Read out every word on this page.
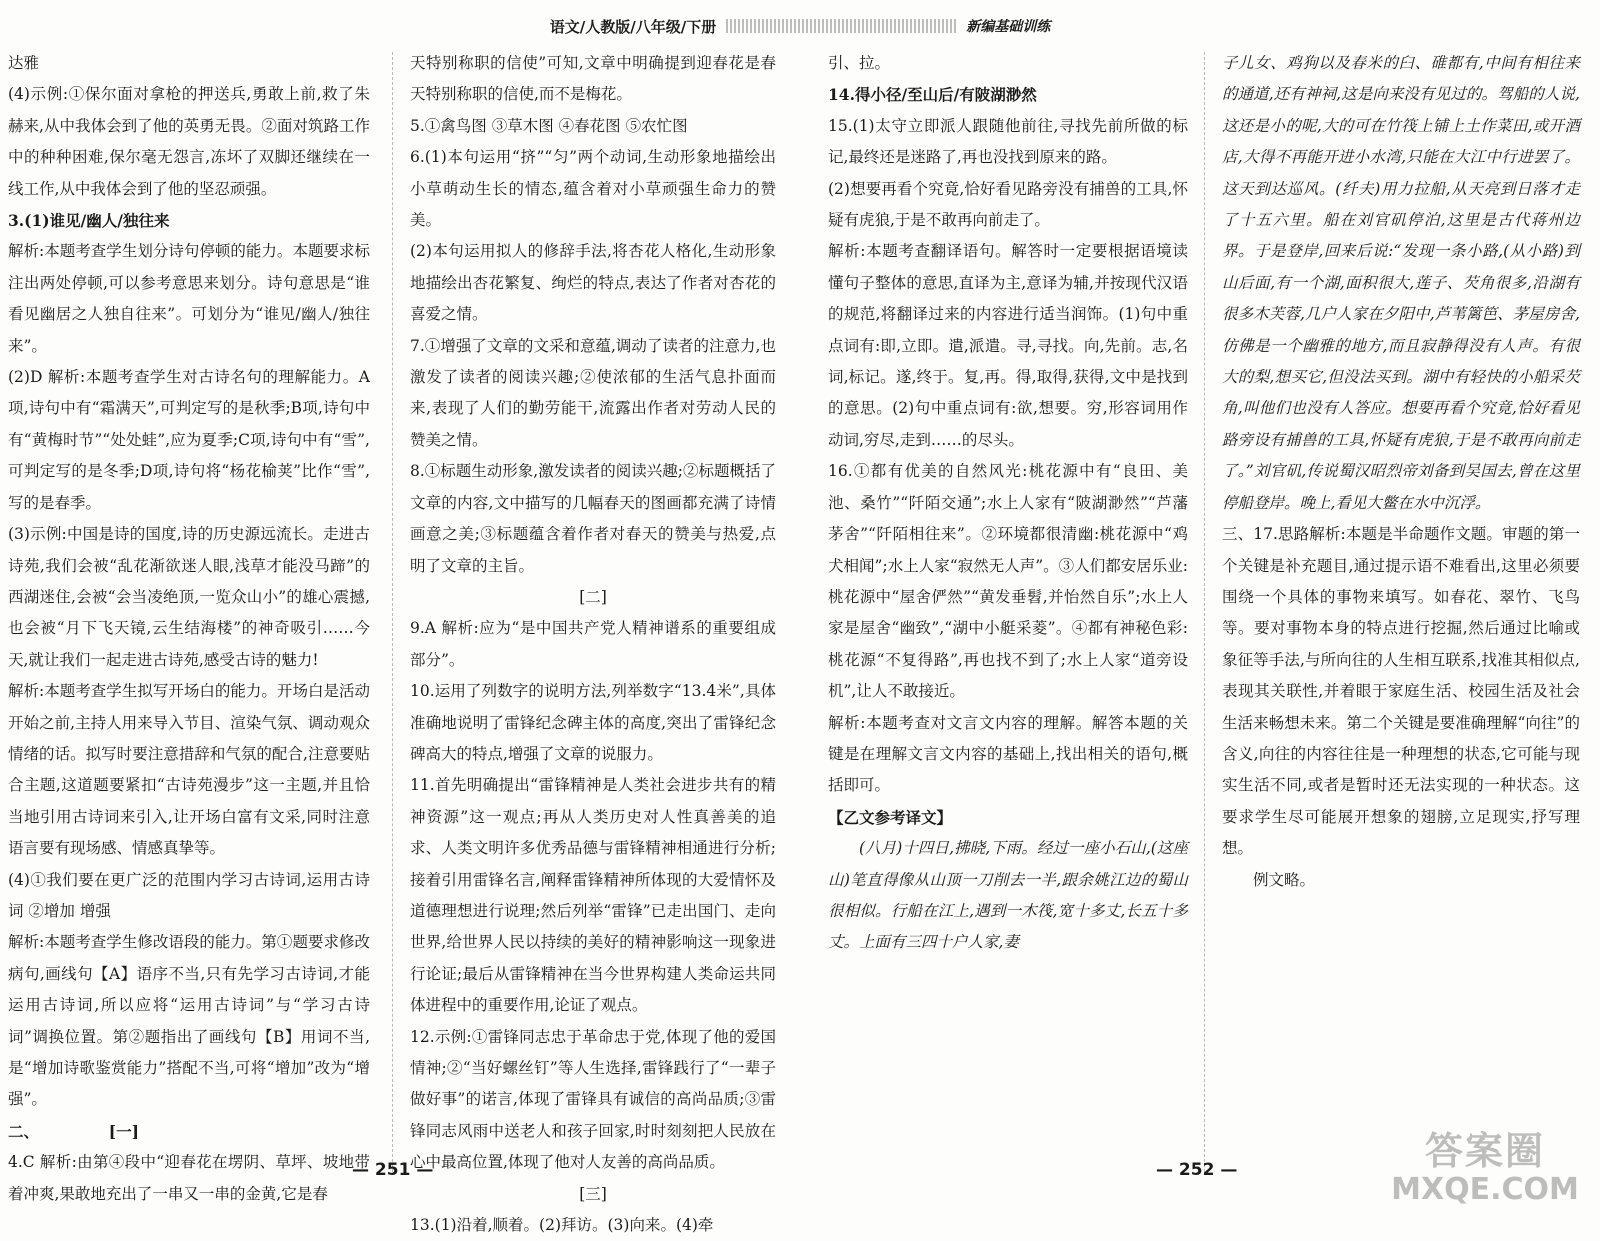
语文/人教版/八年级/下册	新编基础训练

达雅

(4)示例:①保尔面对拿枪的押送兵,勇敢上前,救了朱赫来,从中我体会到了他的英勇无畏。②面对筑路工作中的种种困难,保尔毫无怨言,冻坏了双脚还继续在一线工作,从中我体会到了他的坚忍顽强。

3.(1)谁见/幽人/独往来

解析:本题考查学生划分诗句停顿的能力。本题要求标注出两处停顿,可以参考意思来划分。诗句意思是“谁看见幽居之人独自往来”。可划分为“谁见/幽人/独往来”。

(2)D 解析:本题考查学生对古诗名句的理解能力。A项,诗句中有“霜满天”,可判定写的是秋季;B项,诗句中有“黄梅时节”“处处蛙”,应为夏季;C项,诗句中有“雪”,可判定写的是冬季;D项,诗句将“杨花榆荚”比作“雪”,写的是春季。

(3)示例:中国是诗的国度,诗的历史源远流长。走进古诗苑,我们会被“乱花渐欲迷人眼,浅草才能没马蹄”的西湖迷住,会被“会当凌绝顶,一览众山小”的雄心震撼,也会被“月下飞天镜,云生结海楼”的神奇吸引……今天,就让我们一起走进古诗苑,感受古诗的魅力!

解析:本题考查学生拟写开场白的能力。开场白是活动开始之前,主持人用来导入节目、渲染气氛、调动观众情绪的话。拟写时要注意措辞和气氛的配合,注意要贴合主题,这道题要紧扣“古诗苑漫步”这一主题,并且恰当地引用古诗词来引入,让开场白富有文采,同时注意语言要有现场感、情感真挚等。

(4)①我们要在更广泛的范围内学习古诗词,运用古诗词 ②增加 增强

解析:本题考查学生修改语段的能力。第①题要求修改病句,画线句【A】语序不当,只有先学习古诗词,才能运用古诗词,所以应将“运用古诗词”与“学习古诗词”调换位置。第②题指出了画线句【B】用词不当,是“增加诗歌鉴赏能力”搭配不当,可将“增加”改为“增强”。

二、　　　　　[一]

4.C 解析:由第④段中“迎春花在塄阴、草坪、坡地带着冲爽,果敢地充出了一串又一串的金黄,它是春

天特别称职的信使”可知,文章中明确提到迎春花是春天特别称职的信使,而不是梅花。

5.①禽鸟图 ③草木图 ④春花图 ⑤农忙图

6.(1)本句运用“挤”“匀”两个动词,生动形象地描绘出小草萌动生长的情态,蕴含着对小草顽强生命力的赞美。

(2)本句运用拟人的修辞手法,将杏花人格化,生动形象地描绘出杏花繁复、绚烂的特点,表达了作者对杏花的喜爱之情。

7.①增强了文章的文采和意蕴,调动了读者的注意力,也激发了读者的阅读兴趣;②使浓郁的生活气息扑面而来,表现了人们的勤劳能干,流露出作者对劳动人民的赞美之情。

8.①标题生动形象,激发读者的阅读兴趣;②标题概括了文章的内容,文中描写的几幅春天的图画都充满了诗情画意之美;③标题蕴含着作者对春天的赞美与热爱,点明了文章的主旨。

[二]

9.A 解析:应为“是中国共产党人精神谱系的重要组成部分”。

10.运用了列数字的说明方法,列举数字“13.4米”,具体准确地说明了雷锋纪念碑主体的高度,突出了雷锋纪念碑高大的特点,增强了文章的说服力。

11.首先明确提出“雷锋精神是人类社会进步共有的精神资源”这一观点;再从人类历史对人性真善美的追求、人类文明许多优秀品德与雷锋精神相通进行分析;接着引用雷锋名言,阐释雷锋精神所体现的大爱情怀及道德理想进行说理;然后列举“雷锋”已走出国门、走向世界,给世界人民以持续的美好的精神影响这一现象进行论证;最后从雷锋精神在当今世界构建人类命运共同体进程中的重要作用,论证了观点。

12.示例:①雷锋同志忠于革命忠于党,体现了他的爱国情神;②“当好螺丝钉”等人生选择,雷锋践行了“一辈子做好事”的诺言,体现了雷锋具有诚信的高尚品质;③雷锋同志风雨中送老人和孩子回家,时时刻刻把人民放在心中最高位置,体现了他对人友善的高尚品质。

[三]

13.(1)沿着,顺着。(2)拜访。(3)向来。(4)牵

引、拉。

14.得小径/至山后/有陂湖渺然

15.(1)太守立即派人跟随他前往,寻找先前所做的标记,最终还是迷路了,再也没找到原来的路。

(2)想要再看个究竟,恰好看见路旁没有捕兽的工具,怀疑有虎狼,于是不敢再向前走了。

解析:本题考查翻译语句。解答时一定要根据语境读懂句子整体的意思,直译为主,意译为辅,并按现代汉语的规范,将翻译过来的内容进行适当润饰。(1)句中重点词有:即,立即。遣,派遣。寻,寻找。向,先前。志,名词,标记。遂,终于。复,再。得,取得,获得,文中是找到的意思。(2)句中重点词有:欲,想要。穷,形容词用作动词,穷尽,走到……的尽头。

16.①都有优美的自然风光:桃花源中有“良田、美池、桑竹”“阡陌交通”;水上人家有“陂湖渺然”“芦藩茅舍”“阡陌相往来”。②环境都很清幽:桃花源中“鸡犬相闻”;水上人家“寂然无人声”。③人们都安居乐业:桃花源中“屋舍俨然”“黄发垂髫,并怡然自乐”;水上人家是屋舍“幽致”,“湖中小艇采菱”。④都有神秘色彩:桃花源“不复得路”,再也找不到了;水上人家“道旁设机”,让人不敢接近。

解析:本题考查对文言文内容的理解。解答本题的关键是在理解文言文内容的基础上,找出相关的语句,概括即可。

【乙文参考译文】

(八月)十四日,拂晓,下雨。经过一座小石山,(这座山)笔直得像从山顶一刀削去一半,跟余姚江边的蜀山很相似。行船在江上,遇到一木筏,宽十多丈,长五十多丈。上面有三四十户人家,妻

子儿女、鸡狗以及春米的臼、碓都有,中间有相往来的通道,还有神祠,这是向来没有见过的。驾船的人说,这还是小的呢,大的可在竹筏上铺上土作菜田,或开酒店,大得不再能开进小水湾,只能在大江中行进罢了。这天到达巡风。(纤夫)用力拉船,从天亮到日落才走了十五六里。船在刘官矶停泊,这里是古代蒋州边界。于是登岸,回来后说:“发现一条小路,(从小路)到山后面,有一个湖,面积很大,莲子、芡角很多,沿湖有很多木芙蓉,几户人家在夕阳中,芦苇篱笆、茅屋房舍,仿佛是一个幽雅的地方,而且寂静得没有人声。有很大的梨,想买它,但没法买到。湖中有轻快的小船采芡角,叫他们也没有人答应。想要再看个究竟,恰好看见路旁设有捕兽的工具,怀疑有虎狼,于是不敢再向前走了。”刘官矶,传说蜀汉昭烈帝刘备到吴国去,曾在这里停船登岸。晚上,看见大鳖在水中沉浮。

三、17.思路解析:本题是半命题作文题。审题的第一个关键是补充题目,通过提示语不难看出,这里必须要围绕一个具体的事物来填写。如春花、翠竹、飞鸟等。要对事物本身的特点进行挖掘,然后通过比喻或象征等手法,与所向往的人生相互联系,找准其相似点,表现其关联性,并着眼于家庭生活、校园生活及社会生活来畅想未来。第二个关键是要准确理解“向往”的含义,向往的内容往往是一种理想的状态,它可能与现实生活不同,或者是暂时还无法实现的一种状态。这要求学生尽可能展开想象的翅膀,立足现实,抒写理想。

例文略。

— 251 —	— 252 —	答案圈
MXQE.COM
